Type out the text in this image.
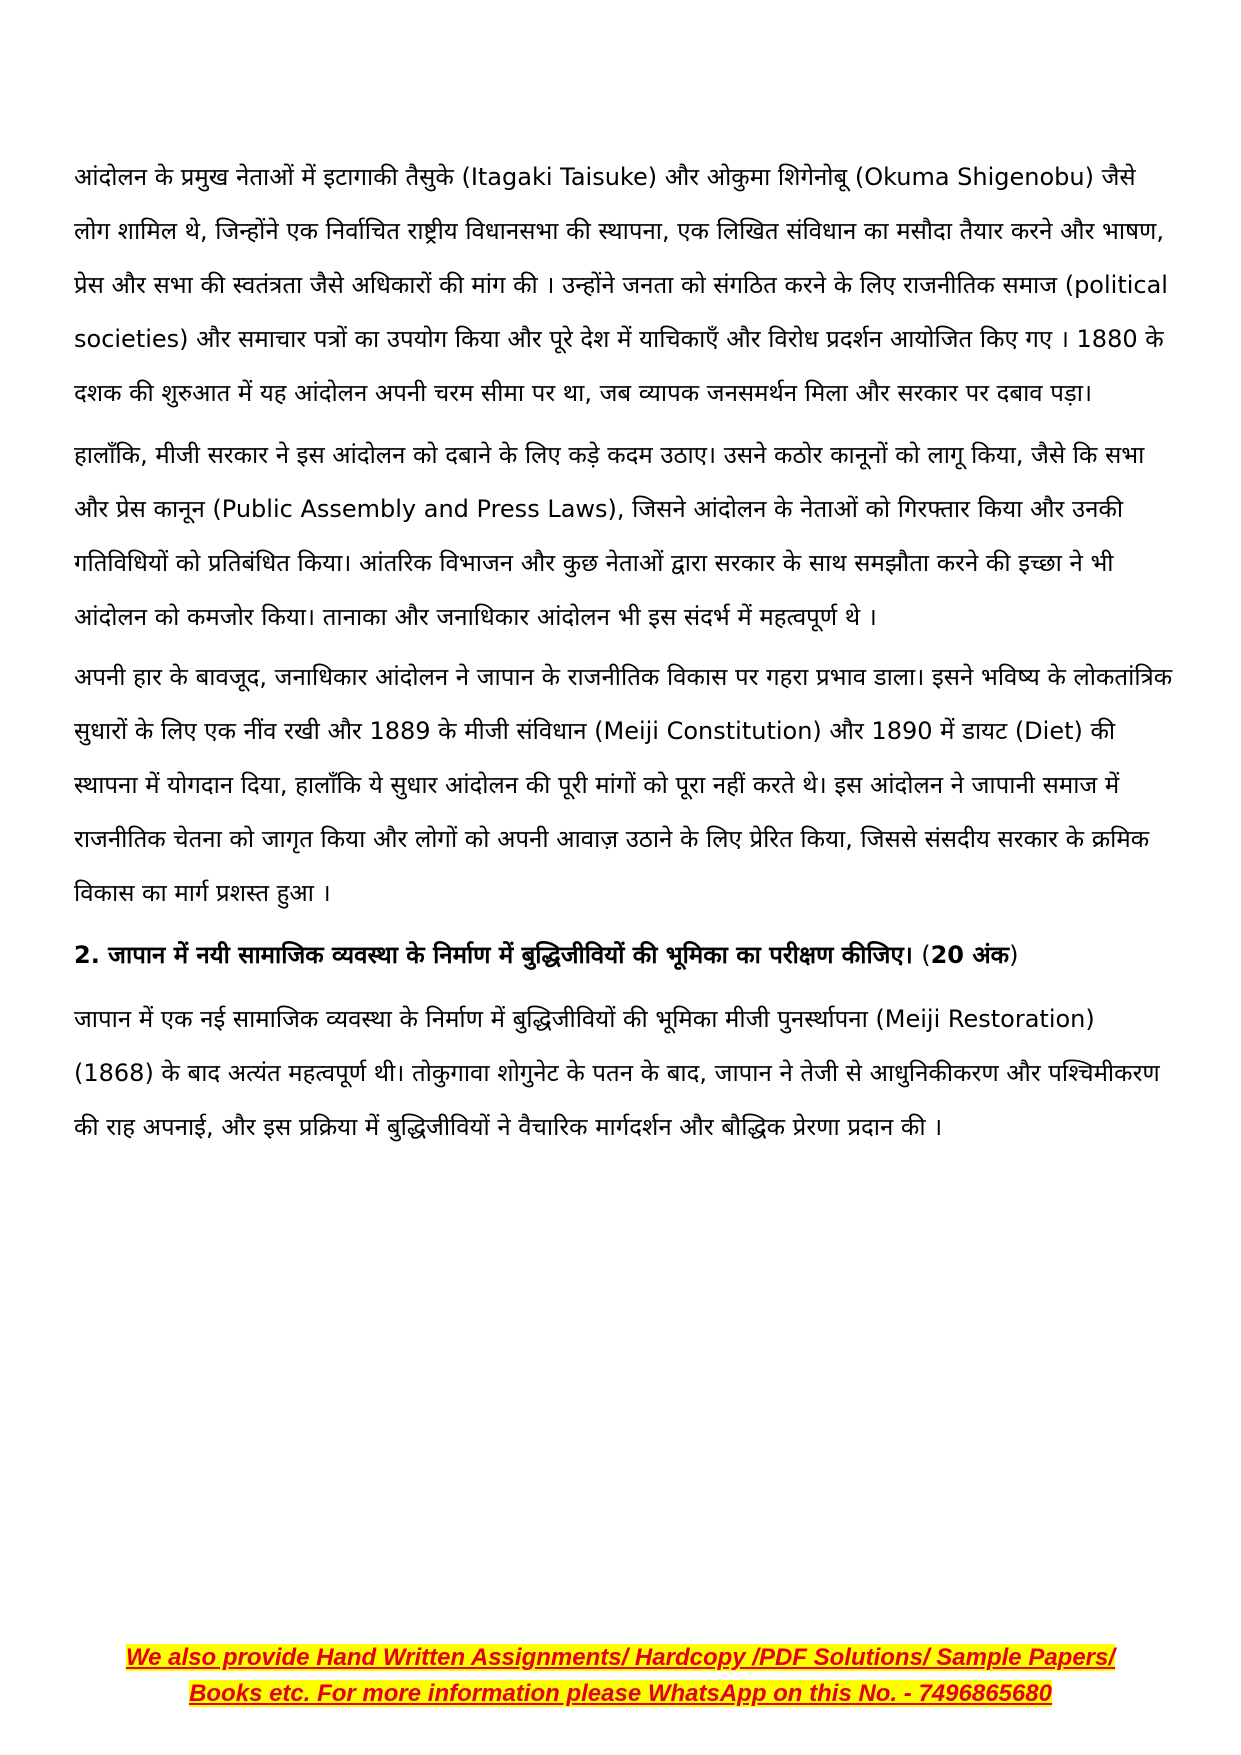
आंदोलन के प्रमुख नेताओं में इटागाकी तैसुके (Itagaki Taisuke) और ओकुमा शिगेनोबू (Okuma Shigenobu) जैसे लोग शामिल थे, जिन्होंने एक निर्वाचित राष्ट्रीय विधानसभा की स्थापना, एक लिखित संविधान का मसौदा तैयार करने और भाषण, प्रेस और सभा की स्वतंत्रता जैसे अधिकारों की मांग की । उन्होंने जनता को संगठित करने के लिए राजनीतिक समाज (political societies) और समाचार पत्रों का उपयोग किया और पूरे देश में याचिकाएँ और विरोध प्रदर्शन आयोजित किए गए । 1880 के दशक की शुरुआत में यह आंदोलन अपनी चरम सीमा पर था, जब व्यापक जनसमर्थन मिला और सरकार पर दबाव पड़ा।

हालाँकि, मीजी सरकार ने इस आंदोलन को दबाने के लिए कड़े कदम उठाए। उसने कठोर कानूनों को लागू किया, जैसे कि सभा और प्रेस कानून (Public Assembly and Press Laws), जिसने आंदोलन के नेताओं को गिरफ्तार किया और उनकी गतिविधियों को प्रतिबंधित किया। आंतरिक विभाजन और कुछ नेताओं द्वारा सरकार के साथ समझौता करने की इच्छा ने भी आंदोलन को कमजोर किया। तानाका और जनाधिकार आंदोलन भी इस संदर्भ में महत्वपूर्ण थे ।

अपनी हार के बावजूद, जनाधिकार आंदोलन ने जापान के राजनीतिक विकास पर गहरा प्रभाव डाला। इसने भविष्य के लोकतांत्रिक सुधारों के लिए एक नींव रखी और 1889 के मीजी संविधान (Meiji Constitution) और 1890 में डायट (Diet) की स्थापना में योगदान दिया, हालाँकि ये सुधार आंदोलन की पूरी मांगों को पूरा नहीं करते थे। इस आंदोलन ने जापानी समाज में राजनीतिक चेतना को जागृत किया और लोगों को अपनी आवाज़ उठाने के लिए प्रेरित किया, जिससे संसदीय सरकार के क्रमिक विकास का मार्ग प्रशस्त हुआ ।

2. जापान में नयी सामाजिक व्यवस्था के निर्माण में बुद्धिजीवियों की भूमिका का परीक्षण कीजिए। (20 अंक)

जापान में एक नई सामाजिक व्यवस्था के निर्माण में बुद्धिजीवियों की भूमिका मीजी पुनर्स्थापना (Meiji Restoration) (1868) के बाद अत्यंत महत्वपूर्ण थी। तोकुगावा शोगुनेट के पतन के बाद, जापान ने तेजी से आधुनिकीकरण और पश्चिमीकरण की राह अपनाई, और इस प्रक्रिया में बुद्धिजीवियों ने वैचारिक मार्गदर्शन और बौद्धिक प्रेरणा प्रदान की ।

We also provide Hand Written Assignments/ Hardcopy /PDF Solutions/ Sample Papers/
Books etc. For more information please WhatsApp on this No. - 7496865680
